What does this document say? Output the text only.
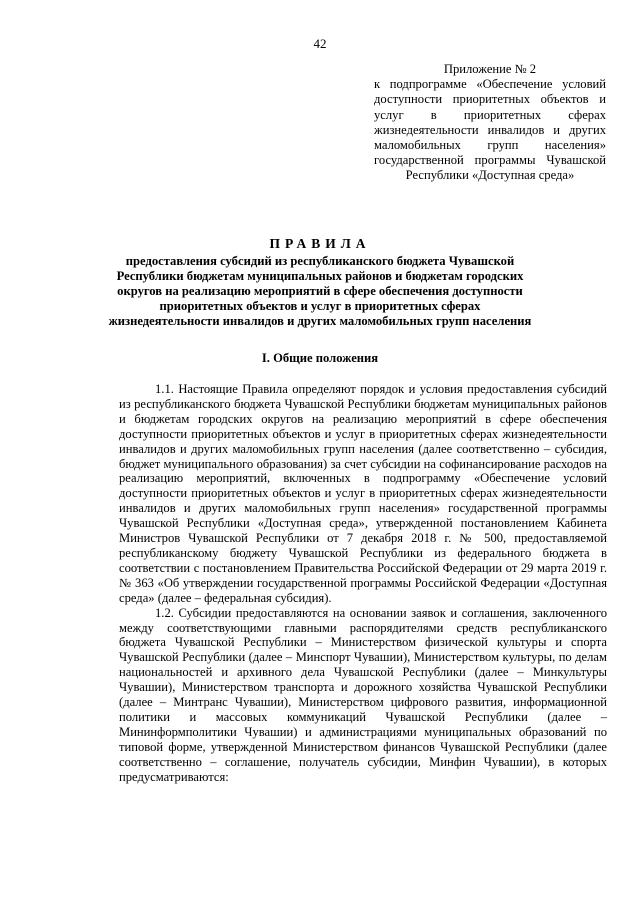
42
Приложение № 2
к подпрограмме «Обеспечение условий доступности приоритетных объектов и услуг в приоритетных сферах жизнедеятельности инвалидов и других маломобильных групп населения» государственной программы Чувашской Республики «Доступная среда»
ПРАВИЛА
предоставления субсидий из республиканского бюджета Чувашской Республики бюджетам муниципальных районов и бюджетам городских округов на реализацию мероприятий в сфере обеспечения доступности приоритетных объектов и услуг в приоритетных сферах жизнедеятельности инвалидов и других маломобильных групп населения
I. Общие положения

1.1. Настоящие Правила определяют порядок и условия предоставления субсидий из республиканского бюджета Чувашской Республики бюджетам муниципальных районов и бюджетам городских округов на реализацию мероприятий в сфере обеспечения доступности приоритетных объектов и услуг в приоритетных сферах жизнедеятельности инвалидов и других маломобильных групп населения (далее соответственно – субсидия, бюджет муниципального образования) за счет субсидии на софинансирование расходов на реализацию мероприятий, включенных в подпрограмму «Обеспечение условий доступности приоритетных объектов и услуг в приоритетных сферах жизнедеятельности инвалидов и других маломобильных групп населения» государственной программы Чувашской Республики «Доступная среда», утвержденной постановлением Кабинета Министров Чувашской Республики от 7 декабря 2018 г. № 500, предоставляемой республиканскому бюджету Чувашской Республики из федерального бюджета в соответствии с постановлением Правительства Российской Федерации от 29 марта 2019 г. № 363 «Об утверждении государственной программы Российской Федерации «Доступная среда» (далее – федеральная субсидия).

1.2. Субсидии предоставляются на основании заявок и соглашения, заключенного между соответствующими главными распорядителями средств республиканского бюджета Чувашской Республики – Министерством физической культуры и спорта Чувашской Республики (далее – Минспорт Чувашии), Министерством культуры, по делам национальностей и архивного дела Чувашской Республики (далее – Минкультуры Чувашии), Министерством транспорта и дорожного хозяйства Чувашской Республики (далее – Минтранс Чувашии), Министерством цифрового развития, информационной политики и массовых коммуникаций Чувашской Республики (далее – Мининформполитики Чувашии) и администрациями муниципальных образований по типовой форме, утвержденной Министерством финансов Чувашской Республики (далее соответственно – соглашение, получатель субсидии, Минфин Чувашии), в которых предусматриваются:
